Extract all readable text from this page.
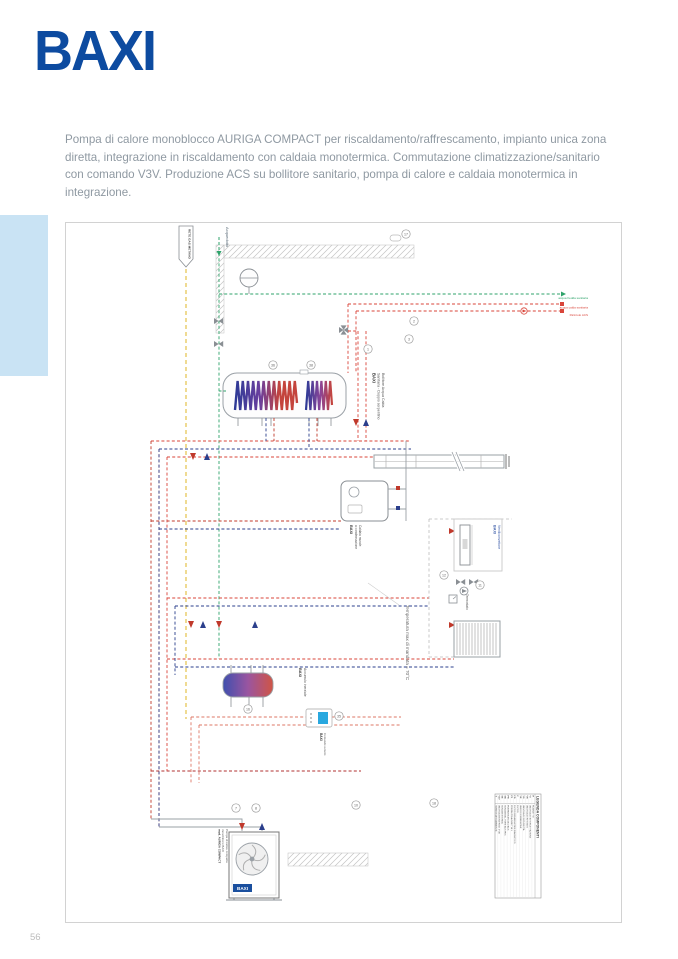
BAXI
Pompa di calore monoblocco AURIGA COMPACT per riscaldamento/raffrescamento, impianto unica zona diretta, integrazione in riscaldamento con caldaia monotermica. Commutazione climatizzazione/sanitario con comando V3V. Produzione ACS su bollitore sanitario, pompa di calore e caldaia monotermica in integrazione.
RETE GAS METANO	Acquedotto
acqua fredda sanitaria
acqua calda sanitaria
Ricircolo ACS
Bollitore Acqua Calda
Sanitaria - Doppio serpentino
BAXI
Caldaia murale
a condensazione
BAXI	Ventilconvettore
BAXI
Termostato
Temperatura max di mandata = 70°C
Accumulo inerziale
BAXI
Comando remoto
BAXI
BAXI
Pompa di calore compatta
monoblocco BAXI
mod. AURIGA COMPACT
17
2
3
36	38
1
12
11
16
35
7	8
10	18	LEGENDA COMPONENTI
R
RUBINETTO
VI
VALVOLA DI INTERCETTAZIONE
VR
VALVOLA DI RITEGNO
VS
VALVOLA DI SICUREZZA
VE
VASO DI ESPANSIONE
F
FILTRO
FD
FILTRO DEFANGATORE MAGNETICO
P1
POMPA ZONA DIRETTA 1
PR
POMPA RICIRCOLO ACS
SB
SONDA BOLLITORE ACS PDC
SE
SONDA ESTERNA
V3V
VALVOLA DEVIATRICE 3 VIE
T
TERMOSTATO AMBIENTE
56
